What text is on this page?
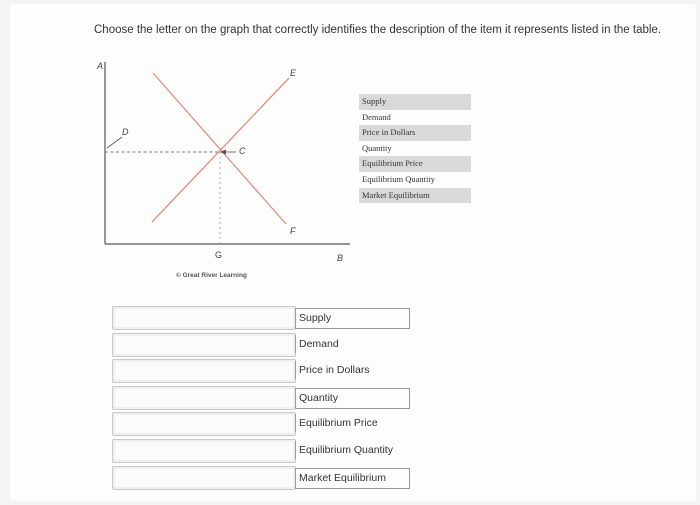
Choose the letter on the graph that correctly identifies the description of the item it represents listed in the table.
A
E
D
C
F
G	B
© Great River Learning
Supply
Demand
Price in Dollars
Quantity
Equilibrium Price
Equilibrium Quantity
Market Equilibrium
Supply
Demand
Price in Dollars
Quantity
Equilibrium Price
Equilibrium Quantity
Market Equilibrium
